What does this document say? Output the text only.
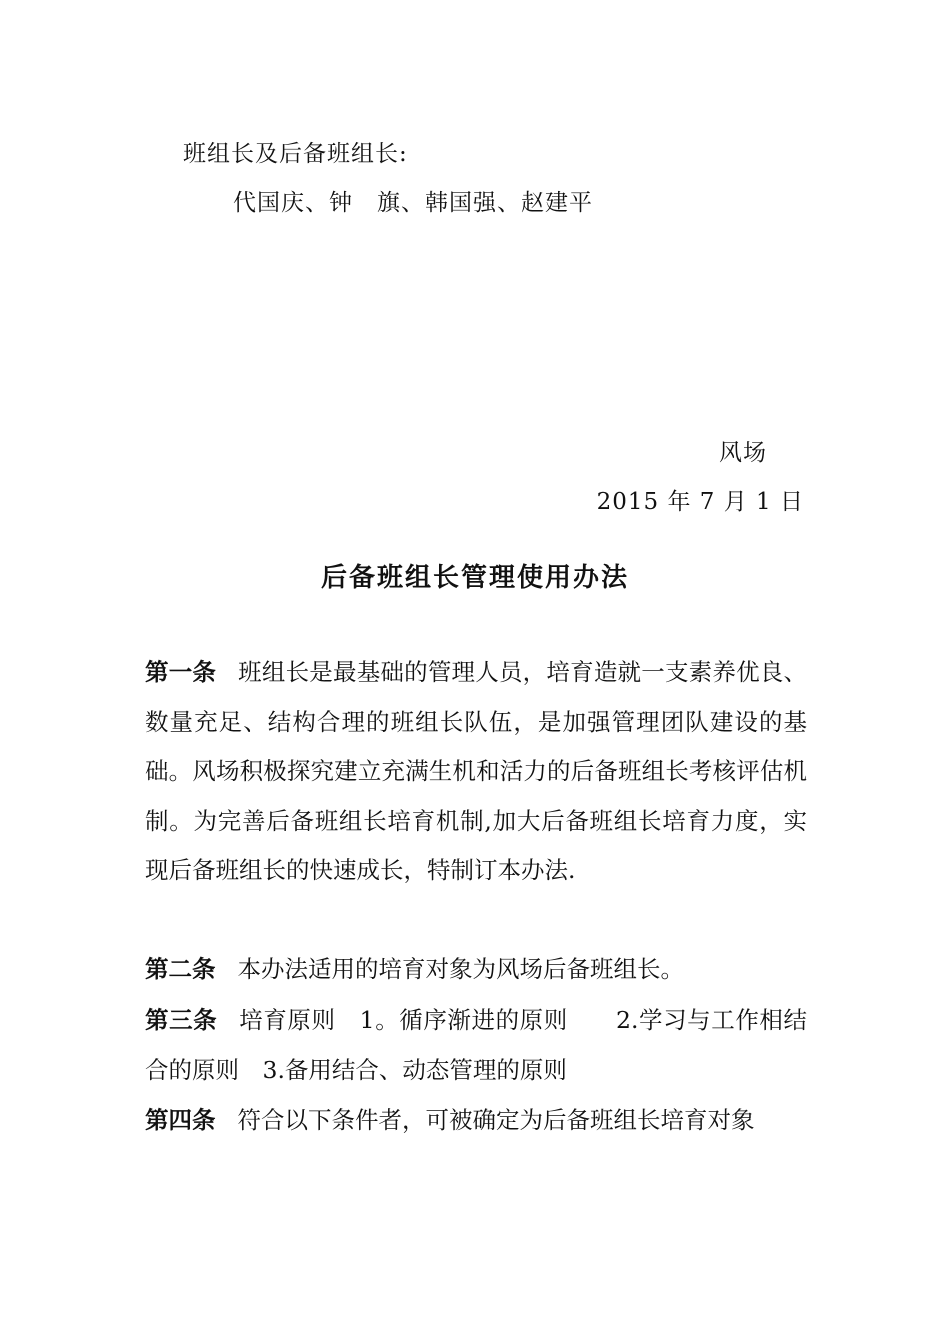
班组长及后备班组长:
代国庆、钟　旗、韩国强、赵建平
风场
2015 年 7 月 1 日
后备班组长管理使用办法
第一条 班组长是最基础的管理人员，培育造就一支素养优良、数量充足、结构合理的班组长队伍，是加强管理团队建设的基础。风场积极探究建立充满生机和活力的后备班组长考核评估机制。为完善后备班组长培育机制,加大后备班组长培育力度，实现后备班组长的快速成长，特制订本办法.
第二条 本办法适用的培育对象为风场后备班组长。
第三条 培育原则　1。循序渐进的原则　　2.学习与工作相结合的原则　3.备用结合、动态管理的原则
第四条 符合以下条件者，可被确定为后备班组长培育对象
